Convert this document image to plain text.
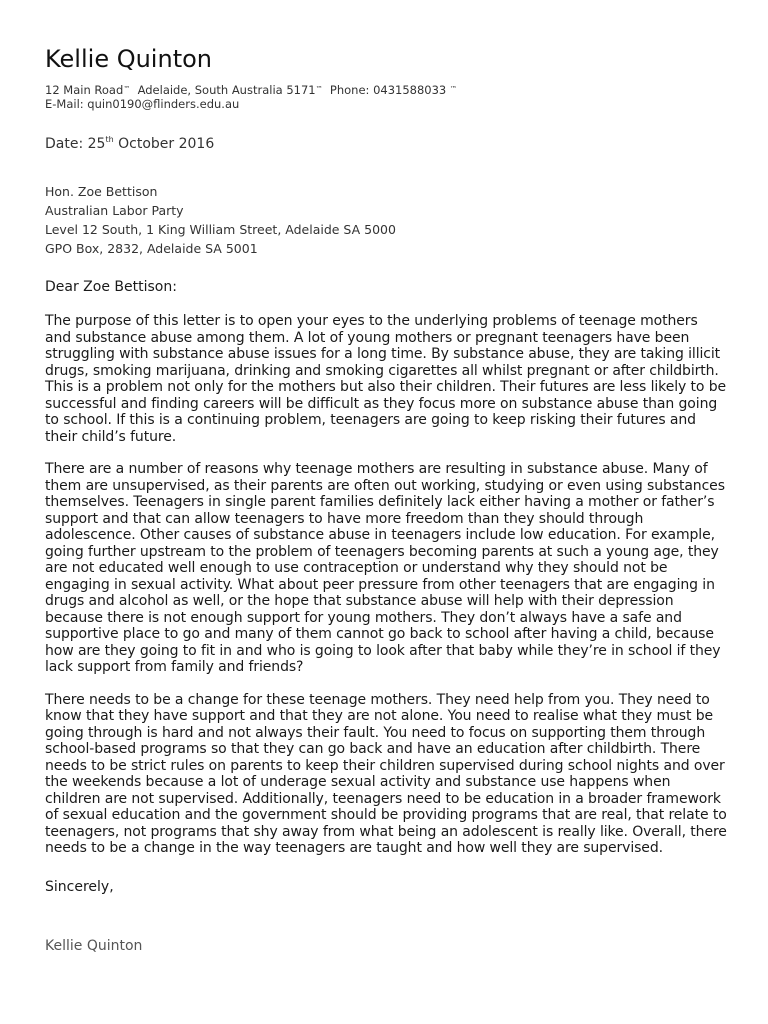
Kellie Quinton
12 Main Road™ Adelaide, South Australia 5171™ Phone: 0431588033 ™
E-Mail: quin0190@flinders.edu.au
Date: 25th October 2016
Hon. Zoe Bettison
Australian Labor Party
Level 12 South, 1 King William Street, Adelaide SA 5000
GPO Box, 2832, Adelaide SA 5001
Dear Zoe Bettison:

The purpose of this letter is to open your eyes to the underlying problems of teenage mothers and substance abuse among them. A lot of young mothers or pregnant teenagers have been struggling with substance abuse issues for a long time. By substance abuse, they are taking illicit drugs, smoking marijuana, drinking and smoking cigarettes all whilst pregnant or after childbirth. This is a problem not only for the mothers but also their children. Their futures are less likely to be successful and finding careers will be difficult as they focus more on substance abuse than going to school. If this is a continuing problem, teenagers are going to keep risking their futures and their child’s future.

There are a number of reasons why teenage mothers are resulting in substance abuse. Many of them are unsupervised, as their parents are often out working, studying or even using substances themselves. Teenagers in single parent families definitely lack either having a mother or father’s support and that can allow teenagers to have more freedom than they should through adolescence. Other causes of substance abuse in teenagers include low education. For example, going further upstream to the problem of teenagers becoming parents at such a young age, they are not educated well enough to use contraception or understand why they should not be engaging in sexual activity. What about peer pressure from other teenagers that are engaging in drugs and alcohol as well, or the hope that substance abuse will help with their depression because there is not enough support for young mothers. They don’t always have a safe and supportive place to go and many of them cannot go back to school after having a child, because how are they going to fit in and who is going to look after that baby while they’re in school if they lack support from family and friends?

There needs to be a change for these teenage mothers. They need help from you. They need to know that they have support and that they are not alone. You need to realise what they must be going through is hard and not always their fault. You need to focus on supporting them through school-based programs so that they can go back and have an education after childbirth. There needs to be strict rules on parents to keep their children supervised during school nights and over the weekends because a lot of underage sexual activity and substance use happens when children are not supervised. Additionally, teenagers need to be education in a broader framework of sexual education and the government should be providing programs that are real, that relate to teenagers, not programs that shy away from what being an adolescent is really like. Overall, there needs to be a change in the way teenagers are taught and how well they are supervised.

Sincerely,
Kellie Quinton
